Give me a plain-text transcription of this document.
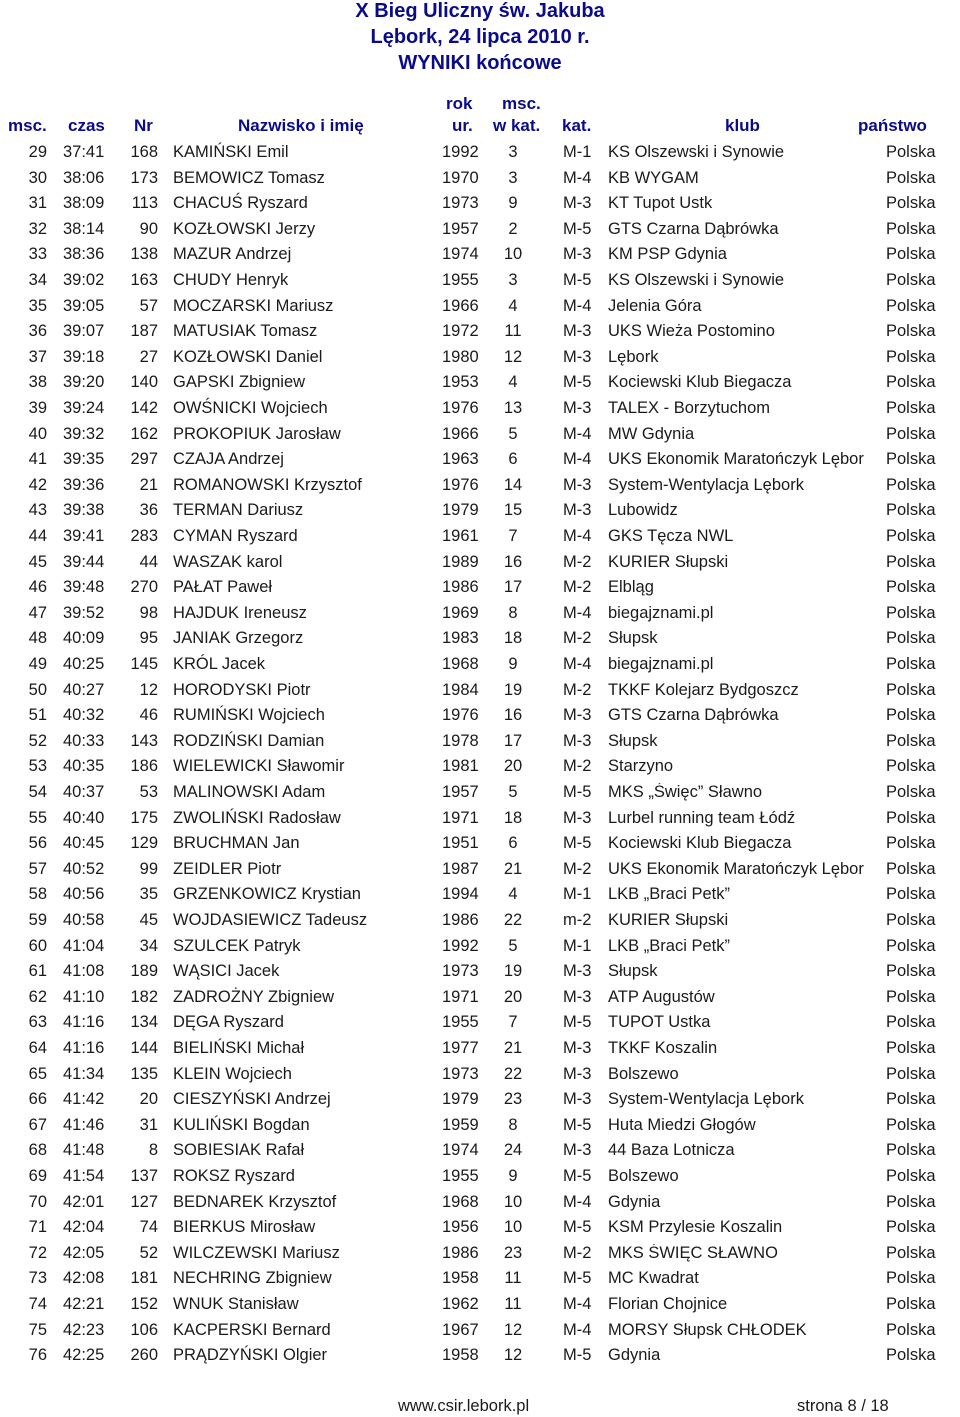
X Bieg Uliczny św. Jakuba
Lębork, 24 lipca 2010 r.
WYNIKI końcowe
msc. czas Nr	Nazwisko i imię
rok
ur.
msc.
w kat. kat.	klub	państwo
29 37:41	168 KAMIŃSKI Emil	1992	3	M-1 KS Olszewski i Synowie	Polska
30 38:06	173 BEMOWICZ Tomasz	1970	3	M-4 KB WYGAM	Polska
31 38:09	113 CHACUŚ Ryszard	1973	9	M-3 KT Tupot Ustk	Polska
32 38:14	90 KOZŁOWSKI Jerzy	1957	2	M-5 GTS Czarna Dąbrówka	Polska
33 38:36	138 MAZUR Andrzej	1974	10	M-3 KM PSP Gdynia	Polska
34 39:02	163 CHUDY Henryk	1955	3	M-5 KS Olszewski i Synowie	Polska
35 39:05	57 MOCZARSKI Mariusz	1966	4	M-4 Jelenia Góra	Polska
36 39:07	187 MATUSIAK Tomasz	1972	11	M-3 UKS Wieża Postomino	Polska
37 39:18	27 KOZŁOWSKI Daniel	1980	12	M-3 Lębork	Polska
38 39:20	140 GAPSKI Zbigniew	1953	4	M-5 Kociewski Klub Biegacza	Polska
39 39:24	142 OWŚNICKI Wojciech	1976	13	M-3 TALEX - Borzytuchom	Polska
40 39:32	162 PROKOPIUK Jarosław	1966	5	M-4 MW Gdynia	Polska
41 39:35	297 CZAJA Andrzej	1963	6	M-4 UKS Ekonomik Maratończyk Lębor	Polska
42 39:36	21 ROMANOWSKI Krzysztof	1976	14	M-3 System-Wentylacja Lębork	Polska
43 39:38	36 TERMAN Dariusz	1979	15	M-3 Lubowidz	Polska
44 39:41	283 CYMAN Ryszard	1961	7	M-4 GKS Tęcza NWL	Polska
45 39:44	44 WASZAK karol	1989	16	M-2 KURIER Słupski	Polska
46 39:48	270 PAŁAT Paweł	1986	17	M-2 Elbląg	Polska
47 39:52	98 HAJDUK Ireneusz	1969	8	M-4 biegajznami.pl	Polska
48 40:09	95 JANIAK Grzegorz	1983	18	M-2 Słupsk	Polska
49 40:25	145 KRÓL Jacek	1968	9	M-4 biegajznami.pl	Polska
50 40:27	12 HORODYSKI Piotr	1984	19	M-2 TKKF Kolejarz Bydgoszcz	Polska
51 40:32	46 RUMIŃSKI Wojciech	1976	16	M-3 GTS Czarna Dąbrówka	Polska
52 40:33	143 RODZIŃSKI Damian	1978	17	M-3 Słupsk	Polska
53 40:35	186 WIELEWICKI Sławomir	1981	20	M-2 Starzyno	Polska
54 40:37	53 MALINOWSKI Adam	1957	5	M-5 MKS „Święc” Sławno	Polska
55 40:40	175 ZWOLIŃSKI Radosław	1971	18	M-3 Lurbel running team Łódź	Polska
56 40:45	129 BRUCHMAN Jan	1951	6	M-5 Kociewski Klub Biegacza	Polska
57 40:52	99 ZEIDLER Piotr	1987	21	M-2 UKS Ekonomik Maratończyk Lębor	Polska
58 40:56	35 GRZENKOWICZ Krystian	1994	4	M-1 LKB „Braci Petk”	Polska
59 40:58	45 WOJDASIEWICZ Tadeusz	1986	22	m-2 KURIER Słupski	Polska
60 41:04	34 SZULCEK Patryk	1992	5	M-1 LKB „Braci Petk”	Polska
61 41:08	189 WĄSICI Jacek	1973	19	M-3 Słupsk	Polska
62 41:10	182 ZADROŻNY Zbigniew	1971	20	M-3 ATP Augustów	Polska
63 41:16	134 DĘGA Ryszard	1955	7	M-5 TUPOT Ustka	Polska
64 41:16	144 BIELIŃSKI Michał	1977	21	M-3 TKKF Koszalin	Polska
65 41:34	135 KLEIN Wojciech	1973	22	M-3 Bolszewo	Polska
66 41:42	20 CIESZYŃSKI Andrzej	1979	23	M-3 System-Wentylacja Lębork	Polska
67 41:46	31 KULIŃSKI Bogdan	1959	8	M-5 Huta Miedzi Głogów	Polska
68 41:48	8 SOBIESIAK Rafał	1974	24	M-3 44 Baza Lotnicza	Polska
69 41:54	137 ROKSZ Ryszard	1955	9	M-5 Bolszewo	Polska
70 42:01	127 BEDNAREK Krzysztof	1968	10	M-4 Gdynia	Polska
71 42:04	74 BIERKUS Mirosław	1956	10	M-5 KSM Przylesie Koszalin	Polska
72 42:05	52 WILCZEWSKI Mariusz	1986	23	M-2 MKS ŚWIĘC SŁAWNO	Polska
73 42:08	181 NECHRING Zbigniew	1958	11	M-5 MC Kwadrat	Polska
74 42:21	152 WNUK Stanisław	1962	11	M-4 Florian Chojnice	Polska
75 42:23	106 KACPERSKI Bernard	1967	12	M-4 MORSY Słupsk CHŁODEK	Polska
76 42:25	260 PRĄDZYŃSKI Olgier	1958	12	M-5 Gdynia	Polska
www.csir.lebork.pl	strona 8 / 18
